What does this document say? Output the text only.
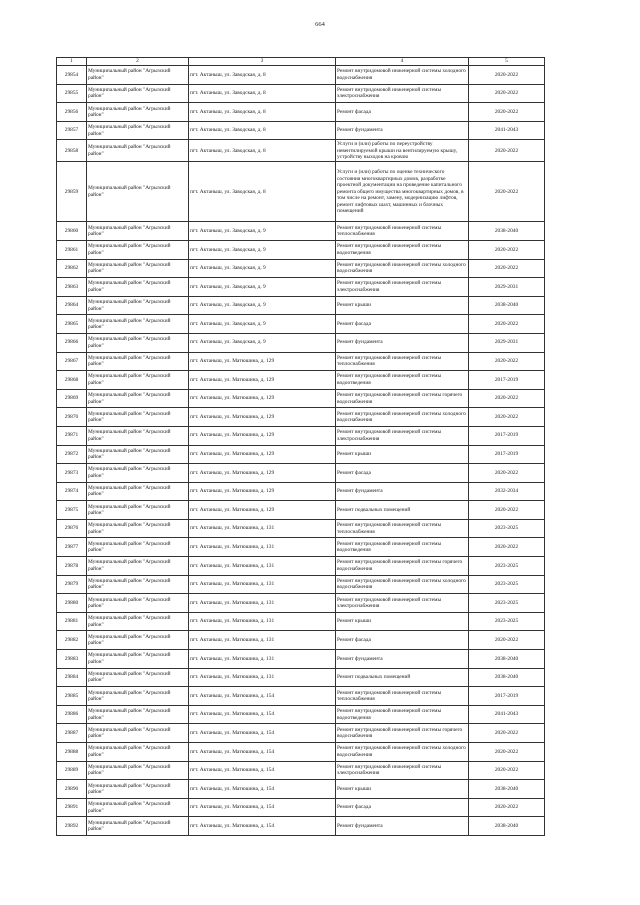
664
1	2	3	4	5
29854	Муниципальный район "Агрызский район"	пгт. Актаныш, ул. Заводская, д. 8	Ремонт внутридомовой инженерной системы холодного водоснабжения	2020-2022
29855	Муниципальный район "Агрызский район"	пгт. Актаныш, ул. Заводская, д. 8	Ремонт внутридомовой инженерной системы электроснабжения	2020-2022
29856	Муниципальный район "Агрызский район"	пгт. Актаныш, ул. Заводская, д. 8	Ремонт фасада	2020-2022
29857	Муниципальный район "Агрызский район"	пгт. Актаныш, ул. Заводская, д. 8	Ремонт фундамента	2041-2043
29858	Муниципальный район "Агрызский район"	пгт. Актаныш, ул. Заводская, д. 8	Услуги и (или) работы по переустройству невентилируемой крыши на вентилируемую крышу, устройству выходов на кровлю	2020-2022
29859	Муниципальный район "Агрызский район"	пгт. Актаныш, ул. Заводская, д. 8	Услуги и (или) работы по оценке технического состояния многоквартирных домов, разработке проектной документации на проведение капитального ремонта общего имущества многоквартирных домов, в том числе на ремонт, замену, модернизацию лифтов, ремонт лифтовых шахт, машинных и блочных помещений	2020-2022
29860	Муниципальный район "Агрызский район"	пгт. Актаныш, ул. Заводская, д. 9	Ремонт внутридомовой инженерной системы теплоснабжения	2038-2040
29861	Муниципальный район "Агрызский район"	пгт. Актаныш, ул. Заводская, д. 9	Ремонт внутридомовой инженерной системы водоотведения	2020-2022
29862	Муниципальный район "Агрызский район"	пгт. Актаныш, ул. Заводская, д. 9	Ремонт внутридомовой инженерной системы холодного водоснабжения	2020-2022
29863	Муниципальный район "Агрызский район"	пгт. Актаныш, ул. Заводская, д. 9	Ремонт внутридомовой инженерной системы электроснабжения	2029-2031
29864	Муниципальный район "Агрызский район"	пгт. Актаныш, ул. Заводская, д. 9	Ремонт крыши	2038-2040
29865	Муниципальный район "Агрызский район"	пгт. Актаныш, ул. Заводская, д. 9	Ремонт фасада	2020-2022
29866	Муниципальный район "Агрызский район"	пгт. Актаныш, ул. Заводская, д. 9	Ремонт фундамента	2029-2031
29867	Муниципальный район "Агрызский район"	пгт. Актаныш, ул. Матюшина, д. 129	Ремонт внутридомовой инженерной системы теплоснабжения	2020-2022
29868	Муниципальный район "Агрызский район"	пгт. Актаныш, ул. Матюшина, д. 129	Ремонт внутридомовой инженерной системы водоотведения	2017-2019
29869	Муниципальный район "Агрызский район"	пгт. Актаныш, ул. Матюшина, д. 129	Ремонт внутридомовой инженерной системы горячего водоснабжения	2020-2022
29870	Муниципальный район "Агрызский район"	пгт. Актаныш, ул. Матюшина, д. 129	Ремонт внутридомовой инженерной системы холодного водоснабжения	2020-2022
29871	Муниципальный район "Агрызский район"	пгт. Актаныш, ул. Матюшина, д. 129	Ремонт внутридомовой инженерной системы электроснабжения	2017-2019
29872	Муниципальный район "Агрызский район"	пгт. Актаныш, ул. Матюшина, д. 129	Ремонт крыши	2017-2019
29873	Муниципальный район "Агрызский район"	пгт. Актаныш, ул. Матюшина, д. 129	Ремонт фасада	2020-2022
29874	Муниципальный район "Агрызский район"	пгт. Актаныш, ул. Матюшина, д. 129	Ремонт фундамента	2032-2034
29875	Муниципальный район "Агрызский район"	пгт. Актаныш, ул. Матюшина, д. 129	Ремонт подвальных помещений	2020-2022
29876	Муниципальный район "Агрызский район"	пгт. Актаныш, ул. Матюшина, д. 131	Ремонт внутридомовой инженерной системы теплоснабжения	2023-2025
29877	Муниципальный район "Агрызский район"	пгт. Актаныш, ул. Матюшина, д. 131	Ремонт внутридомовой инженерной системы водоотведения	2020-2022
29878	Муниципальный район "Агрызский район"	пгт. Актаныш, ул. Матюшина, д. 131	Ремонт внутридомовой инженерной системы горячего водоснабжения	2023-2025
29879	Муниципальный район "Агрызский район"	пгт. Актаныш, ул. Матюшина, д. 131	Ремонт внутридомовой инженерной системы холодного водоснабжения	2023-2025
29880	Муниципальный район "Агрызский район"	пгт. Актаныш, ул. Матюшина, д. 131	Ремонт внутридомовой инженерной системы электроснабжения	2023-2025
29881	Муниципальный район "Агрызский район"	пгт. Актаныш, ул. Матюшина, д. 131	Ремонт крыши	2023-2025
29882	Муниципальный район "Агрызский район"	пгт. Актаныш, ул. Матюшина, д. 131	Ремонт фасада	2020-2022
29883	Муниципальный район "Агрызский район"	пгт. Актаныш, ул. Матюшина, д. 131	Ремонт фундамента	2038-2040
29884	Муниципальный район "Агрызский район"	пгт. Актаныш, ул. Матюшина, д. 131	Ремонт подвальных помещений	2038-2040
29885	Муниципальный район "Агрызский район"	пгт. Актаныш, ул. Матюшина, д. 154	Ремонт внутридомовой инженерной системы теплоснабжения	2017-2019
29886	Муниципальный район "Агрызский район"	пгт. Актаныш, ул. Матюшина, д. 154	Ремонт внутридомовой инженерной системы водоотведения	2041-2043
29887	Муниципальный район "Агрызский район"	пгт. Актаныш, ул. Матюшина, д. 154	Ремонт внутридомовой инженерной системы горячего водоснабжения	2020-2022
29888	Муниципальный район "Агрызский район"	пгт. Актаныш, ул. Матюшина, д. 154	Ремонт внутридомовой инженерной системы холодного водоснабжения	2020-2022
29889	Муниципальный район "Агрызский район"	пгт. Актаныш, ул. Матюшина, д. 154	Ремонт внутридомовой инженерной системы электроснабжения	2020-2022
29890	Муниципальный район "Агрызский район"	пгт. Актаныш, ул. Матюшина, д. 154	Ремонт крыши	2038-2040
29891	Муниципальный район "Агрызский район"	пгт. Актаныш, ул. Матюшина, д. 154	Ремонт фасада	2020-2022
29892	Муниципальный район "Агрызский район"	пгт. Актаныш, ул. Матюшина, д. 154	Ремонт фундамента	2038-2040
